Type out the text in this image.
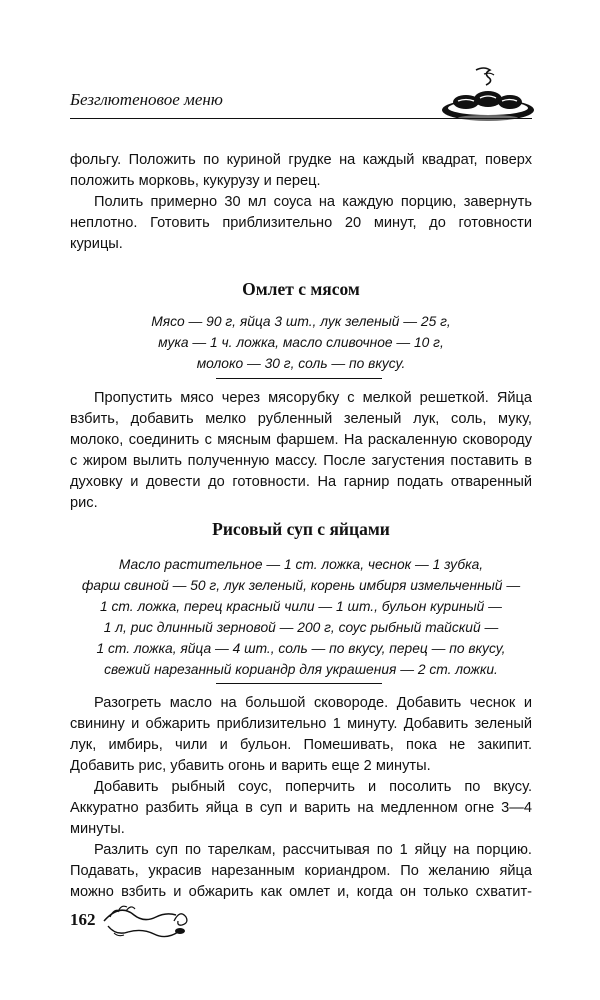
Безглютеновое меню

фольгу. Положить по куриной грудке на каждый квадрат, поверх положить морковь, кукурузу и перец.

Полить примерно 30 мл соуса на каждую порцию, завернуть неплотно. Готовить приблизительно 20 минут, до готовности курицы.

Омлет с мясом
Мясо — 90 г, яйца 3 шт., лук зеленый — 25 г,
мука — 1 ч. ложка, масло сливочное — 10 г,
молоко — 30 г, соль — по вкусу.

Пропустить мясо через мясорубку с мелкой решеткой. Яйца взбить, добавить мелко рубленный зеленый лук, соль, муку, молоко, соединить с мясным фаршем. На раскаленную сковороду с жиром вылить полученную массу. После загустения поставить в духовку и довести до готовности. На гарнир подать отваренный рис.

Рисовый суп с яйцами
Масло растительное — 1 ст. ложка, чеснок — 1 зубка,
фарш свиной — 50 г, лук зеленый, корень имбиря измельченный —
1 ст. ложка, перец красный чили — 1 шт., бульон куриный —
1 л, рис длинный зерновой — 200 г, соус рыбный тайский —
1 ст. ложка, яйца — 4 шт., соль — по вкусу, перец — по вкусу,
свежий нарезанный кориандр для украшения — 2 ст. ложки.

Разогреть масло на большой сковороде. Добавить чеснок и свинину и обжарить приблизительно 1 минуту. Добавить зеленый лук, имбирь, чили и бульон. Помешивать, пока не закипит. Добавить рис, убавить огонь и варить еще 2 минуты.

Добавить рыбный соус, поперчить и посолить по вкусу. Аккуратно разбить яйца в суп и варить на медленном огне 3—4 минуты.

Разлить суп по тарелкам, рассчитывая по 1 яйцу на порцию. Подавать, украсив нарезанным кориандром. По желанию яйца можно взбить и обжарить как омлет и, когда он только схватит-

162
